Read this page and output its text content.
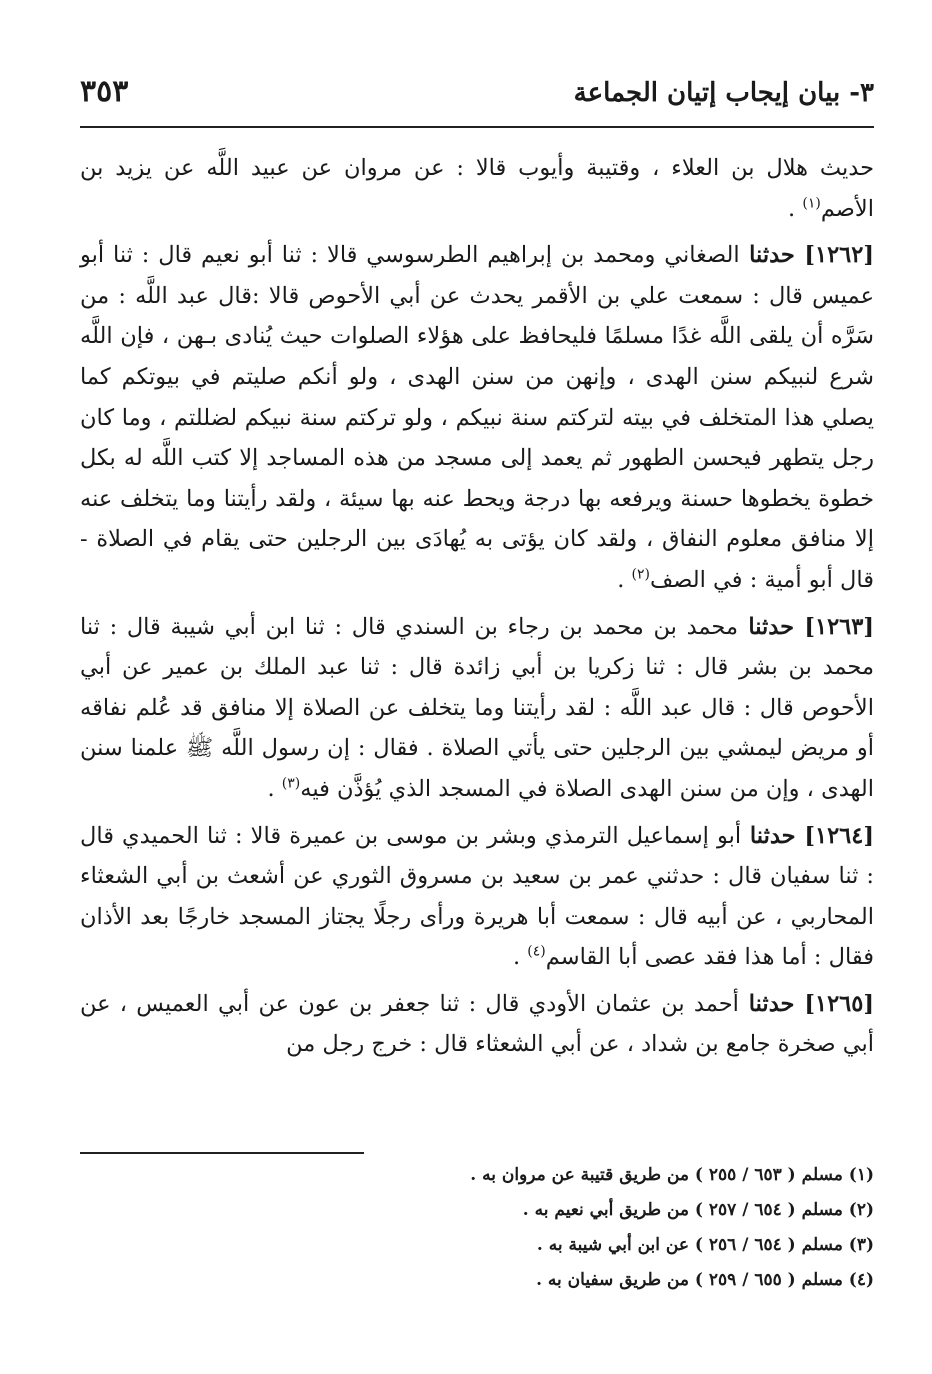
٣- بيان إيجاب إتيان الجماعة
٣٥٣

حديث هلال بن العلاء ، وقتيبة وأيوب قالا : عن مروان عن عبيد اللَّه عن يزيد بن الأصم$^{(١)}$ .

[١٢٦٢] حدثنا الصغاني ومحمد بن إبراهيم الطرسوسي قالا : ثنا أبو نعيم قال : ثنا أبو عميس قال : سمعت علي بن الأقمر يحدث عن أبي الأحوص قالا :قال عبد اللَّه : من سَرَّه أن يلقى اللَّه غدًا مسلمًا فليحافظ على هؤلاء الصلوات حيث يُنادى بـهن ، فإن اللَّه شرع لنبيكم سنن الهدى ، وإنهن من سنن الهدى ، ولو أنكم صليتم في بيوتكم كما يصلي هذا المتخلف في بيته لتركتم سنة نبيكم ، ولو تركتم سنة نبيكم لضللتم ، وما كان رجل يتطهر فيحسن الطهور ثم يعمد إلى مسجد من هذه المساجد إلا كتب اللَّه له بكل خطوة يخطوها حسنة ويرفعه بها درجة ويحط عنه بها سيئة ، ولقد رأيتنا وما يتخلف عنه إلا منافق معلوم النفاق ، ولقد كان يؤتى به يُهادَى بين الرجلين حتى يقام في الصلاة - قال أبو أمية : في الصف$^{(٢)}$ .

[١٢٦٣] حدثنا محمد بن محمد بن رجاء بن السندي قال : ثنا ابن أبي شيبة قال : ثنا محمد بن بشر قال : ثنا زكريا بن أبي زائدة قال : ثنا عبد الملك بن عمير عن أبي الأحوص قال : قال عبد اللَّه : لقد رأيتنا وما يتخلف عن الصلاة إلا منافق قد عُلم نفاقه أو مريض ليمشي بين الرجلين حتى يأتي الصلاة . فقال : إن رسول اللَّه ﷺ علمنا سنن الهدى ، وإن من سنن الهدى الصلاة في المسجد الذي يُؤذَّن فيه$^{(٣)}$ .

[١٢٦٤] حدثنا أبو إسماعيل الترمذي وبشر بن موسى بن عميرة قالا : ثنا الحميدي قال : ثنا سفيان قال : حدثني عمر بن سعيد بن مسروق الثوري عن أشعث بن أبي الشعثاء المحاربي ، عن أبيه قال : سمعت أبا هريرة ورأى رجلًا يجتاز المسجد خارجًا بعد الأذان فقال : أما هذا فقد عصى أبا القاسم$^{(٤)}$ .

[١٢٦٥] حدثنا أحمد بن عثمان الأودي قال : ثنا جعفر بن عون عن أبي العميس ، عن أبي صخرة جامع بن شداد ، عن أبي الشعثاء قال : خرج رجل من

(١) مسلم ( ٦٥٣ / ٢٥٥ ) من طريق قتيبة عن مروان به .
(٢) مسلم ( ٦٥٤ / ٢٥٧ ) من طريق أبي نعيم به .
(٣) مسلم ( ٦٥٤ / ٢٥٦ ) عن ابن أبي شيبة به .
(٤) مسلم ( ٦٥٥ / ٢٥٩ ) من طريق سفيان به .
